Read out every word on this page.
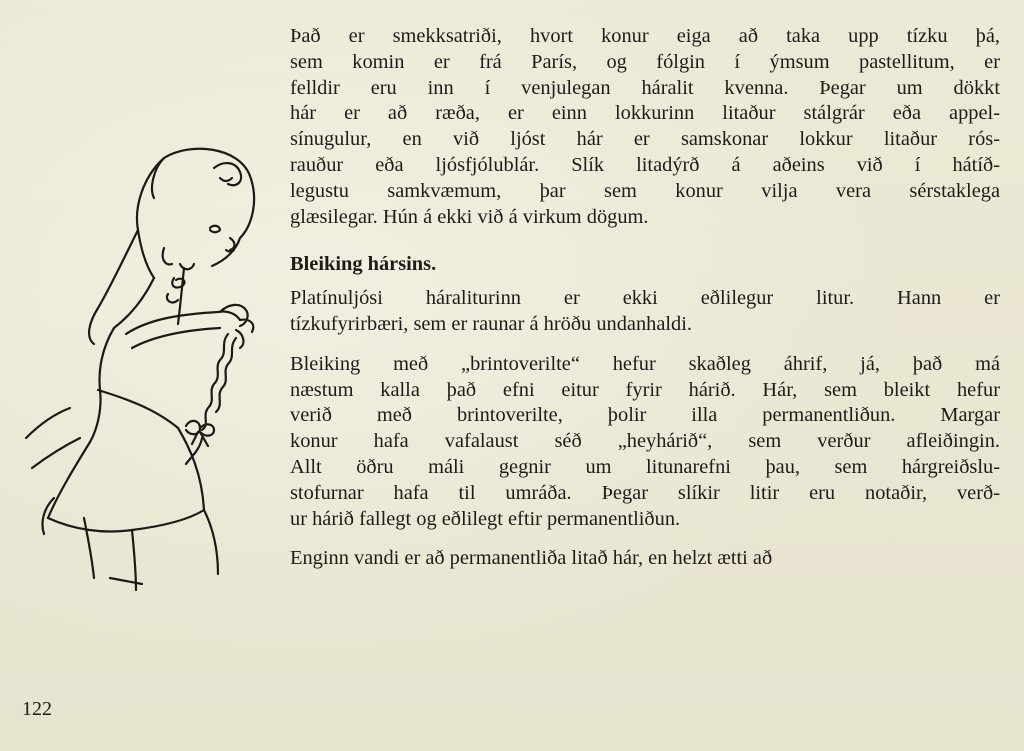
Það er smekksatriði, hvort konur eiga að taka upp tízku þá,
sem komin er frá París, og fólgin í ýmsum pastellitum, er
felldir eru inn í venjulegan háralit kvenna. Þegar um dökkt
hár er að ræða, er einn lokkurinn litaður stálgrár eða appel-
sínugulur, en við ljóst hár er samskonar lokkur litaður rós-
rauður eða ljósfjólublár. Slík litadýrð á aðeins við í hátíð-
legustu samkvæmum, þar sem konur vilja vera sérstaklega
glæsilegar. Hún á ekki við á virkum dögum.
Bleiking hársins.
Platínuljósi háraliturinn er ekki eðlilegur litur. Hann er
tízkufyrirbæri, sem er raunar á hröðu undanhaldi.
Bleiking með „brintoverilte“ hefur skaðleg áhrif, já, það má
næstum kalla það efni eitur fyrir hárið. Hár, sem bleikt hefur
verið með brintoverilte, þolir illa permanentliðun. Margar
konur hafa vafalaust séð „heyhárið“, sem verður afleiðingin.
Allt öðru máli gegnir um litunarefni þau, sem hárgreiðslu-
stofurnar hafa til umráða. Þegar slíkir litir eru notaðir, verð-
ur hárið fallegt og eðlilegt eftir permanentliðun.
Enginn vandi er að permanentliða litað hár, en helzt ætti að
122
